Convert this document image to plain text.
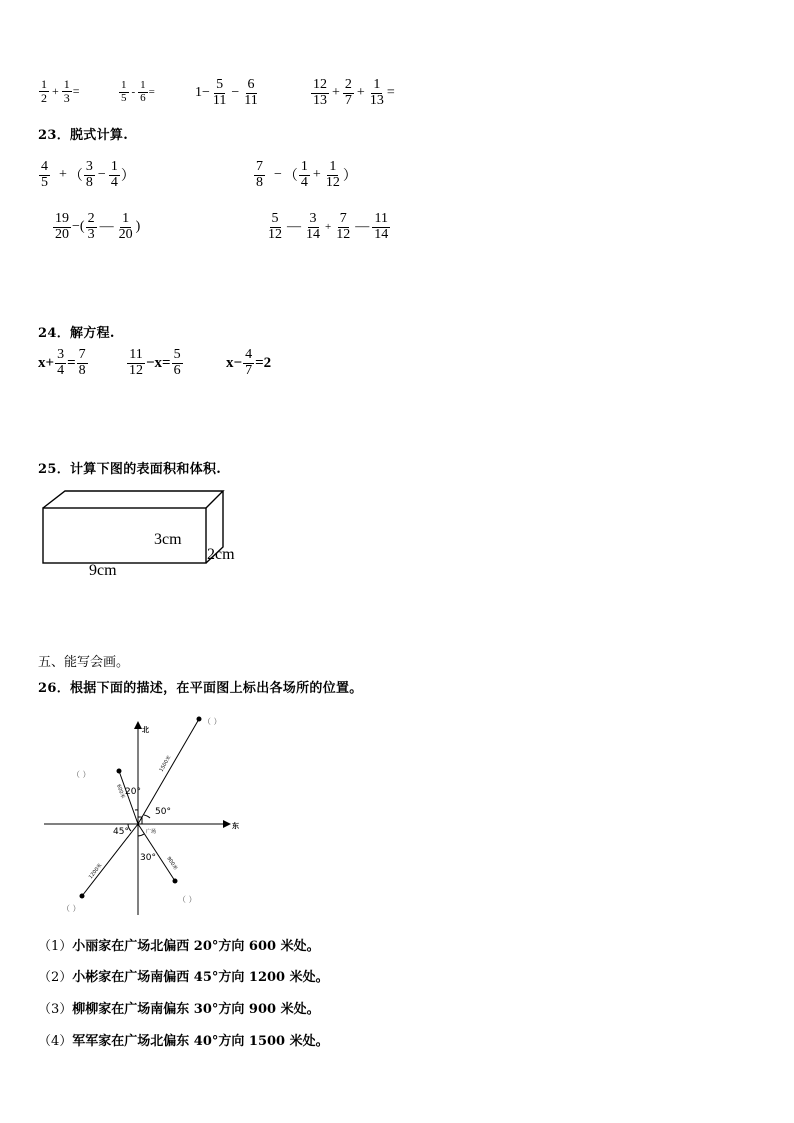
$\frac{1}{2} + \frac{1}{3}$ =	$\frac{1}{5} - \frac{1}{6}$ =	$1- \frac{5}{11} - \frac{6}{11}$	$\frac{12}{13} + \frac{2}{7} + \frac{1}{13}$ =
23．脱式计算.
$\frac{4}{5}$ + （ $\frac{3}{8} - \frac{1}{4}$ ）	$\frac{7}{8}$ − （ $\frac{1}{4} + \frac{1}{12}$ ）
$\frac{19}{20}$ − ( $\frac{2}{3}$ — $\frac{1}{20}$ )	$\frac{5}{12}$ — $\frac{3}{14} + \frac{7}{12}$ — $\frac{11}{14}$
24．解方程.
$x+ \frac{3}{4} = \frac{7}{8}$	$\frac{11}{12} -x= \frac{5}{6}$	$x- \frac{4}{7} =2$
25．计算下图的表面积和体积.
3cm
2cm
9cm
五、能写会画。
26．根据下面的描述，在平面图上标出各场所的位置。
北
东
广场
20°
50°
45°
30°
1500米
600米
1200米	900米
（ ）
（ ）
（ ）
（ ）
（1）小丽家在广场北偏西 20°方向 600 米处。
（2）小彬家在广场南偏西 45°方向 1200 米处。
（3）柳柳家在广场南偏东 30°方向 900 米处。
（4）军军家在广场北偏东 40°方向 1500 米处。
